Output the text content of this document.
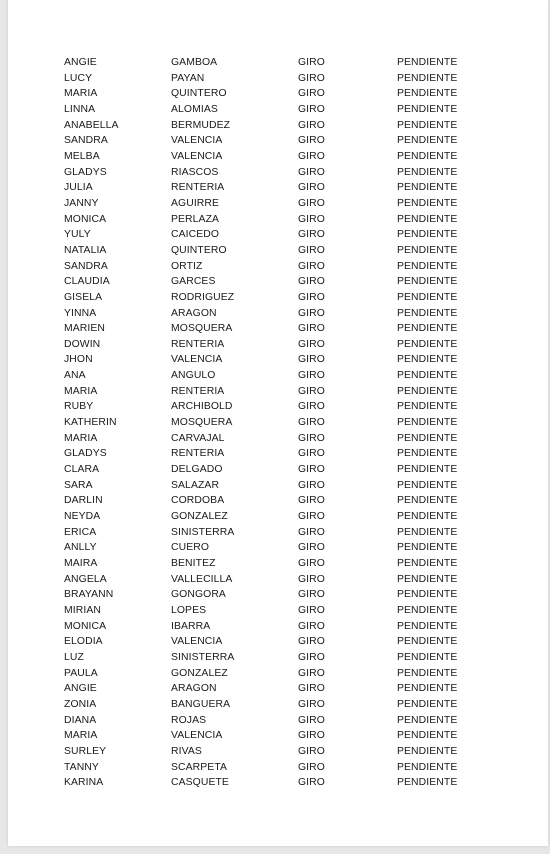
ANGIE	GAMBOA	GIRO	PENDIENTE
LUCY	PAYAN	GIRO	PENDIENTE
MARIA	QUINTERO	GIRO	PENDIENTE
LINNA	ALOMIAS	GIRO	PENDIENTE
ANABELLA	BERMUDEZ	GIRO	PENDIENTE
SANDRA	VALENCIA	GIRO	PENDIENTE
MELBA	VALENCIA	GIRO	PENDIENTE
GLADYS	RIASCOS	GIRO	PENDIENTE
JULIA	RENTERIA	GIRO	PENDIENTE
JANNY	AGUIRRE	GIRO	PENDIENTE
MONICA	PERLAZA	GIRO	PENDIENTE
YULY	CAICEDO	GIRO	PENDIENTE
NATALIA	QUINTERO	GIRO	PENDIENTE
SANDRA	ORTIZ	GIRO	PENDIENTE
CLAUDIA	GARCES	GIRO	PENDIENTE
GISELA	RODRIGUEZ	GIRO	PENDIENTE
YINNA	ARAGON	GIRO	PENDIENTE
MARIEN	MOSQUERA	GIRO	PENDIENTE
DOWIN	RENTERIA	GIRO	PENDIENTE
JHON	VALENCIA	GIRO	PENDIENTE
ANA	ANGULO	GIRO	PENDIENTE
MARIA	RENTERIA	GIRO	PENDIENTE
RUBY	ARCHIBOLD	GIRO	PENDIENTE
KATHERIN	MOSQUERA	GIRO	PENDIENTE
MARIA	CARVAJAL	GIRO	PENDIENTE
GLADYS	RENTERIA	GIRO	PENDIENTE
CLARA	DELGADO	GIRO	PENDIENTE
SARA	SALAZAR	GIRO	PENDIENTE
DARLIN	CORDOBA	GIRO	PENDIENTE
NEYDA	GONZALEZ	GIRO	PENDIENTE
ERICA	SINISTERRA	GIRO	PENDIENTE
ANLLY	CUERO	GIRO	PENDIENTE
MAIRA	BENITEZ	GIRO	PENDIENTE
ANGELA	VALLECILLA	GIRO	PENDIENTE
BRAYANN	GONGORA	GIRO	PENDIENTE
MIRIAN	LOPES	GIRO	PENDIENTE
MONICA	IBARRA	GIRO	PENDIENTE
ELODIA	VALENCIA	GIRO	PENDIENTE
LUZ	SINISTERRA	GIRO	PENDIENTE
PAULA	GONZALEZ	GIRO	PENDIENTE
ANGIE	ARAGON	GIRO	PENDIENTE
ZONIA	BANGUERA	GIRO	PENDIENTE
DIANA	ROJAS	GIRO	PENDIENTE
MARIA	VALENCIA	GIRO	PENDIENTE
SURLEY	RIVAS	GIRO	PENDIENTE
TANNY	SCARPETA	GIRO	PENDIENTE
KARINA	CASQUETE	GIRO	PENDIENTE
